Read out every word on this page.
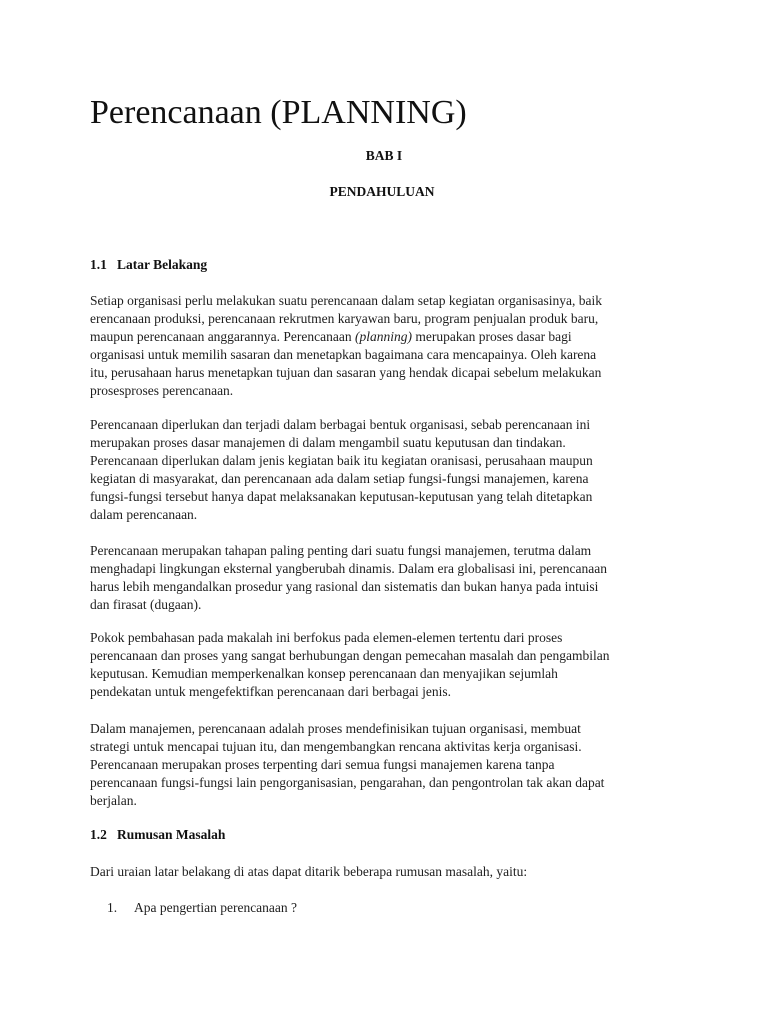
Perencanaan (PLANNING)

BAB I

PENDAHULUAN

1.1 Latar Belakang
Setiap organisasi perlu melakukan suatu perencanaan dalam setap kegiatan organisasinya, baik
erencanaan produksi, perencanaan rekrutmen karyawan baru, program penjualan produk baru,
maupun perencanaan anggarannya. Perencanaan (planning) merupakan proses dasar bagi
organisasi untuk memilih sasaran dan menetapkan bagaimana cara mencapainya. Oleh karena
itu, perusahaan harus menetapkan tujuan dan sasaran yang hendak dicapai sebelum melakukan
prosesproses perencanaan.
Perencanaan diperlukan dan terjadi dalam berbagai bentuk organisasi, sebab perencanaan ini
merupakan proses dasar manajemen di dalam mengambil suatu keputusan dan tindakan.
Perencanaan diperlukan dalam jenis kegiatan baik itu kegiatan oranisasi, perusahaan maupun
kegiatan di masyarakat, dan perencanaan ada dalam setiap fungsi-fungsi manajemen, karena
fungsi-fungsi tersebut hanya dapat melaksanakan keputusan-keputusan yang telah ditetapkan
dalam perencanaan.
Perencanaan merupakan tahapan paling penting dari suatu fungsi manajemen, terutma dalam
menghadapi lingkungan eksternal yangberubah dinamis. Dalam era globalisasi ini, perencanaan
harus lebih mengandalkan prosedur yang rasional dan sistematis dan bukan hanya pada intuisi
dan firasat (dugaan).
Pokok pembahasan pada makalah ini berfokus pada elemen-elemen tertentu dari proses
perencanaan dan proses yang sangat berhubungan dengan pemecahan masalah dan pengambilan
keputusan. Kemudian memperkenalkan konsep perencanaan dan menyajikan sejumlah
pendekatan untuk mengefektifkan perencanaan dari berbagai jenis.
Dalam manajemen, perencanaan adalah proses mendefinisikan tujuan organisasi, membuat
strategi untuk mencapai tujuan itu, dan mengembangkan rencana aktivitas kerja organisasi.
Perencanaan merupakan proses terpenting dari semua fungsi manajemen karena tanpa
perencanaan fungsi-fungsi lain pengorganisasian, pengarahan, dan pengontrolan tak akan dapat
berjalan.
1.2 Rumusan Masalah
Dari uraian latar belakang di atas dapat ditarik beberapa rumusan masalah, yaitu:
1. Apa pengertian perencanaan ?
